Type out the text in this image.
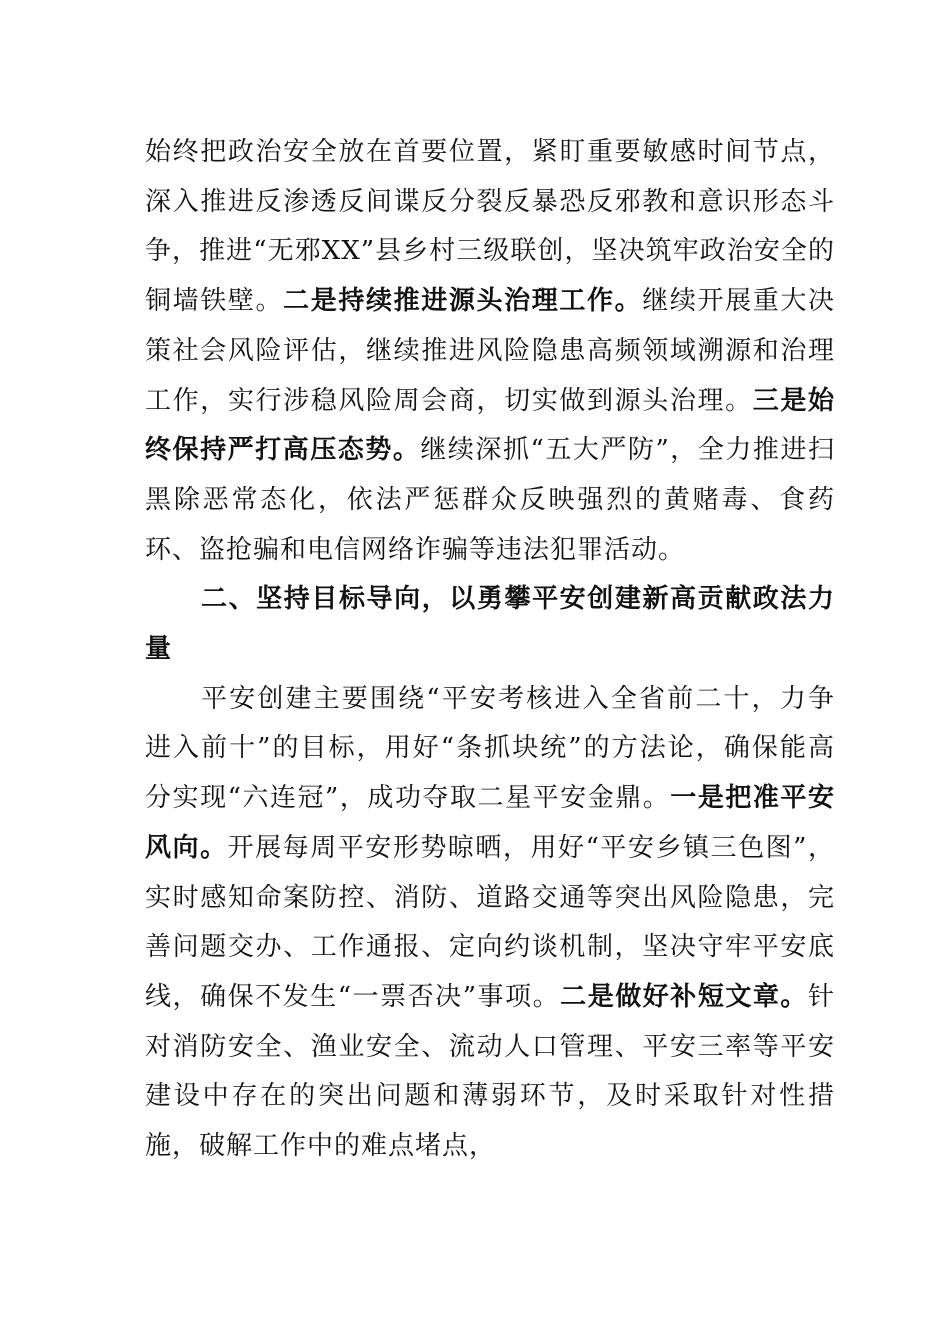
始终把政治安全放在首要位置，紧盯重要敏感时间节点，深入推进反渗透反间谍反分裂反暴恐反邪教和意识形态斗争，推进“无邪XX”县乡村三级联创，坚决筑牢政治安全的铜墙铁壁。二是持续推进源头治理工作。继续开展重大决策社会风险评估，继续推进风险隐患高频领域溯源和治理工作，实行涉稳风险周会商，切实做到源头治理。三是始终保持严打高压态势。继续深抓“五大严防”，全力推进扫黑除恶常态化，依法严惩群众反映强烈的黄赌毒、食药环、盗抢骗和电信网络诈骗等违法犯罪活动。

二、坚持目标导向，以勇攀平安创建新高贡献政法力量

平安创建主要围绕“平安考核进入全省前二十，力争进入前十”的目标，用好“条抓块统”的方法论，确保能高分实现“六连冠”，成功夺取二星平安金鼎。一是把准平安风向。开展每周平安形势晾晒，用好“平安乡镇三色图”，实时感知命案防控、消防、道路交通等突出风险隐患，完善问题交办、工作通报、定向约谈机制，坚决守牢平安底线，确保不发生“一票否决”事项。二是做好补短文章。针对消防安全、渔业安全、流动人口管理、平安三率等平安建设中存在的突出问题和薄弱环节，及时采取针对性措施，破解工作中的难点堵点，
